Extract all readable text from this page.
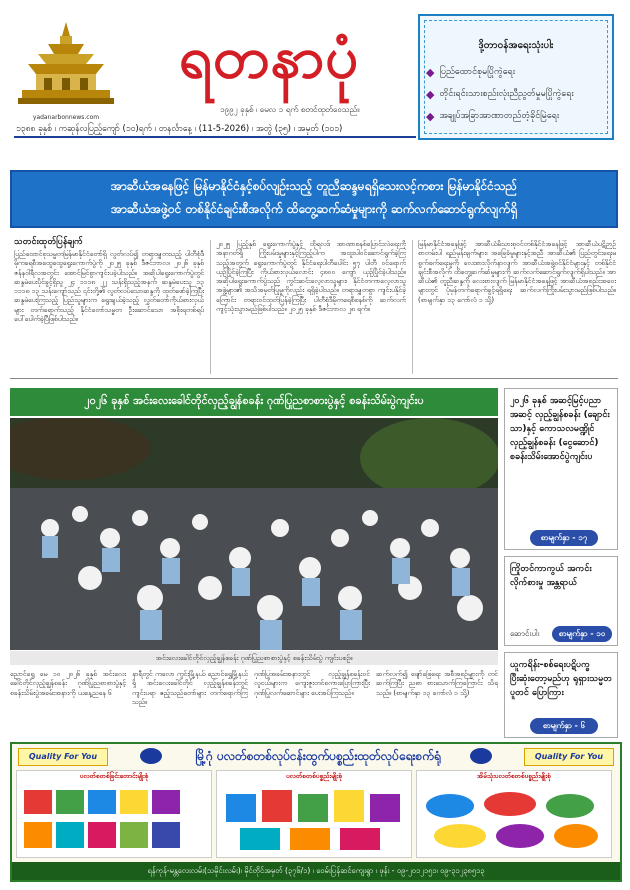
yadanarbonnews.com
ရတနာပုံ
၁၉၉၂ ခုနှစ် ၊ မေလ ၁ ရက် စတင်ထုတ်ဝေသည်။
၁၃၈၈ ခုနှစ် ၊ ကဆုန်လပြည့်ကျော် (၁၀)ရက် ၊ တနင်္လာနေ့ ၊ (11-5-2026) ၊ အတွဲ (၃၅) ၊ အမှတ် (၁၀၁)
ဒို့တာဝန်အရေးသုံးပါး
◆ ပြည်ထောင်စုမပြိုကွဲရေး
◆ တိုင်းရင်းသားစည်းလုံးညီညွတ်မှုမပြိုကွဲရေး
◆ အချုပ်အခြာအာဏာတည်တံ့ခိုင်မြဲရေး
အာဆီယံအနေဖြင့် မြန်မာနိုင်ငံနှင့်စပ်လျဉ်းသည့် တူညီဆန္ဒမရရှိသေးလင့်ကစား မြန်မာနိုင်ငံသည်
အာဆီယံအဖွဲ့ဝင် တစ်နိုင်ငံချင်းစီအလိုက် ထိတွေ့ဆက်ဆံမှုများကို ဆက်လက်ဆောင်ရွက်လျက်ရှိ
သတင်းထုတ်ပြန်ချက်
ပြည်ထောင်စုသမ္မတမြန်မာနိုင်ငံတော်ရှိ လွတ်လပ်၍ တရားမျှတသည့် ပါတီစုံဒီမိုကရေစီအထွေထွေရွေးကောက်ပွဲကို ၂၀၂၅ ခုနှစ် ဒီဇင်ဘာလ၊ ၂၀၂၆ ခုနှစ် ဇန်နဝါရီလအတွင်း အောင်မြင်စွာကျင်းပခဲ့ပါသည်။ အဆိုပါရွေးကောက်ပွဲတွင် ဆန္ဒမဲပေးပိုင်ခွင့်ရှိသူ ၂၄ ၁၁၁၈ ၂၂ သန်းရှိသည့်အနက် ဆန္ဒမဲပေးသူ ၁၃ ၁၁၁၈ ၁၃ သန်းကျော်သည် ၎င်းတို့၏ လွတ်လပ်သောဆန္ဒကို ထုတ်ဖော်ခဲ့ကြပြီး ဆန္ဒမဲပေးကြသည့် ပြည်သူများက ရွေးချယ်ခဲ့သည့် လွှတ်တော်ကိုယ်စားလှယ်များ တက်ရောက်သည့် နိုင်ငံတော်သမ္မတ ဦးဆောင်သော အစိုးရတစ်ရပ် ပေါ်ပေါက်ခဲ့ပြီဖြစ်ပါသည်။
၂၀၂၅ ပြည့်နှစ် ရွေးကောက်ပွဲနှင့် ထိုရလဒ် အာဏာစနစ်ပြောင်းလဲရေးကို အနာဂတ်ရှိ ကြိုးပမ်းမှုများနှင့်ကြည့်ပါက အထူးပါဝင်ဆောင်ရွက်ခဲ့ကြသည့်အတွက် ရွေးကောက်ပွဲတွင် နိုင်ငံရေးပါတီပေါင်း ၅၇ ပါတီ ဝင်ရောက်ယှဉ်ပြိုင်ခဲ့ကြပြီး ကိုယ်စားလှယ်လောင်း ၄၈၀၀ ကျော် ယှဉ်ပြိုင်ခဲ့ပါသည်။ အဆိုပါရွေးကောက်ပွဲသည် ကွင်းဆင်းလေ့လာသူများ၊ နိုင်ငံတကာလေ့လာသူအဖွဲ့များ၏ အသိအမှတ်ပြုမှုကိုလည်း ရရှိခဲ့ပါသည်။ တရားမျှတစွာ ကျင်းပနိုင်ခဲ့ကြောင်း တရားဝင်ထုတ်ပြန်ခဲ့ကြပြီး ပါတီစုံဒီမိုကရေစီစနစ်ကို ဆက်လက်ကျင့်သုံးသွားမည်ဖြစ်ပါသည်။ ၂၀၂၅ ခုနှစ် ဒီဇင်ဘာလ ၂၈ ရက်။
မြန်မာနိုင်ငံအနေဖြင့် အာဆီယံမိသားစုဝင်တစ်နိုင်ငံအနေဖြင့် အာဆီယံပဋိဉာဉ်စာတမ်းပါ ရည်မှန်းချက်များ၊ အခြေခံမူများနှင့်အညီ အာဆီယံ၏ ပြည်တွင်းရေးမစွက်ဖက်ရေးမူကို လေးစားလိုက်နာလျက် အာဆီယံအဖွဲ့ဝင်နိုင်ငံများနှင့် တစ်နိုင်ငံချင်းစီအလိုက် ထိတွေ့ဆက်ဆံမှုများကို ဆက်လက်ဆောင်ရွက်လျက်ရှိပါသည်။ အာဆီယံ၏ တူညီဆန္ဒကို လေးစားလျက် မြန်မာနိုင်ငံအနေဖြင့် အာဆီယံအစည်းအဝေးများတွင် ပုံမှန်တက်ရောက်ခွင့်ရရှိရေး ဆက်လက်ကြိုးပမ်းသွားမည်ဖြစ်ပါသည်။ (စာမျက်နှာ ၁၃ ကော်လံ ၁ သို့)
၂၀၂၆ ခုနှစ် အင်းလေးခေါင်တိုင်လှည့်ချွန်စခန်း ဂုဏ်ပြုညစာစားပွဲနှင့် စခန်းသိမ်းပွဲကျင်းပ
အင်းလေးခေါင်တိုင်လှည့်ချွန်စခန်း ဂုဏ်ပြုညစာစားပွဲနှင့် စခန်းသိမ်းပွဲ ကျင်းပစဉ်။
ညောင်ရွှေ မေ ၁၀ ၂၀၂၆ ခုနှစ် အင်းလေးခေါင်တိုင်လှည့်ချွန်စခန်း ဂုဏ်ပြုညစာစားပွဲနှင့် စခန်းသိမ်းပွဲအခမ်းအနားကို ယနေ့ညနေ ၆
နာရီတွင် ကလော ကွင်းမြို့နယ် ညောင်ရွှေမြို့နယ်ရှိ အင်းလေးခေါင်တိုင် လှည့်ချွန်စခန်းတွင် ကျင်းပရာ ဧည့်သည်တော်များ တက်ရောက်ကြသည်။
ဂုဏ်ပြုအခမ်းအနားတွင် လှည့်ချွန်စခန်းဝင် လူငယ်များက ကျေးဇူးတင်စကားပြောကြားပြီး ဂုဏ်ပြုလက်ဆောင်များ ပေးအပ်ကြသည်။
ဆက်လက်၍ ဖျော်ဖြေရေး အစီအစဉ်များကို တင်ဆက်ကြပြီး ညစာ စားသောက်ကြကြောင်း သိရသည်။ (စာမျက်နှာ ၁၃ ကော်လံ ၁ သို့)
၂၀၂၆ ခုနှစ် အဆင့်မြင့်ပညာအဆင့် လှည့်ချွန်စခန်း (ချောင်းသာ)နှင့် ကောသလမဏ္ဍိုင် လှည့်ချွန်စခန်း (ငွေဆောင်) စခန်းသိမ်းအောင်ပွဲကျင်းပ
စာမျက်နှာ - ၁၇
ကြိုတင်ကာကွယ် အကင်းလိုက်စားမှု အန္တရာယ်
ဆောင်းပါး	စာမျက်နှာ - ၁၀
ယူကရိန်း-စစ်ရေးပဋိပက္ခ ပြီးဆုံးတော့မည်ဟု ရုရှားသမ္မတ ပူတင် ပြောကြား
စာမျက်နှာ - ၆
Quality For You	မြို့ဂုံ ပလတ်စတစ်လုပ်ငန်းထွက်ပစ္စည်းထုတ်လုပ်ရေးစက်ရုံ	Quality For You
ပလတ်စတစ်ခြင်းတောင်းမျိုးစုံ	ပလတ်စတစ်ပစ္စည်းမျိုးစုံ	အိမ်သုံးပလတ်စတစ်ပစ္စည်းမျိုးစုံ
ရန်ကုန်-မန္တလေးလမ်း(သမိုင်းလမ်း)၊ မိုင်တိုင်အမှတ် (၃၇၆/၁) ၊ ဝေမ်းပြန်ဆင်ကျေးရွာ ၊ ဖုန်း - ၀၉-၂၀၁၂၁၅၁၊ ၀၉-၃၁၂၃၈၅၁၃
